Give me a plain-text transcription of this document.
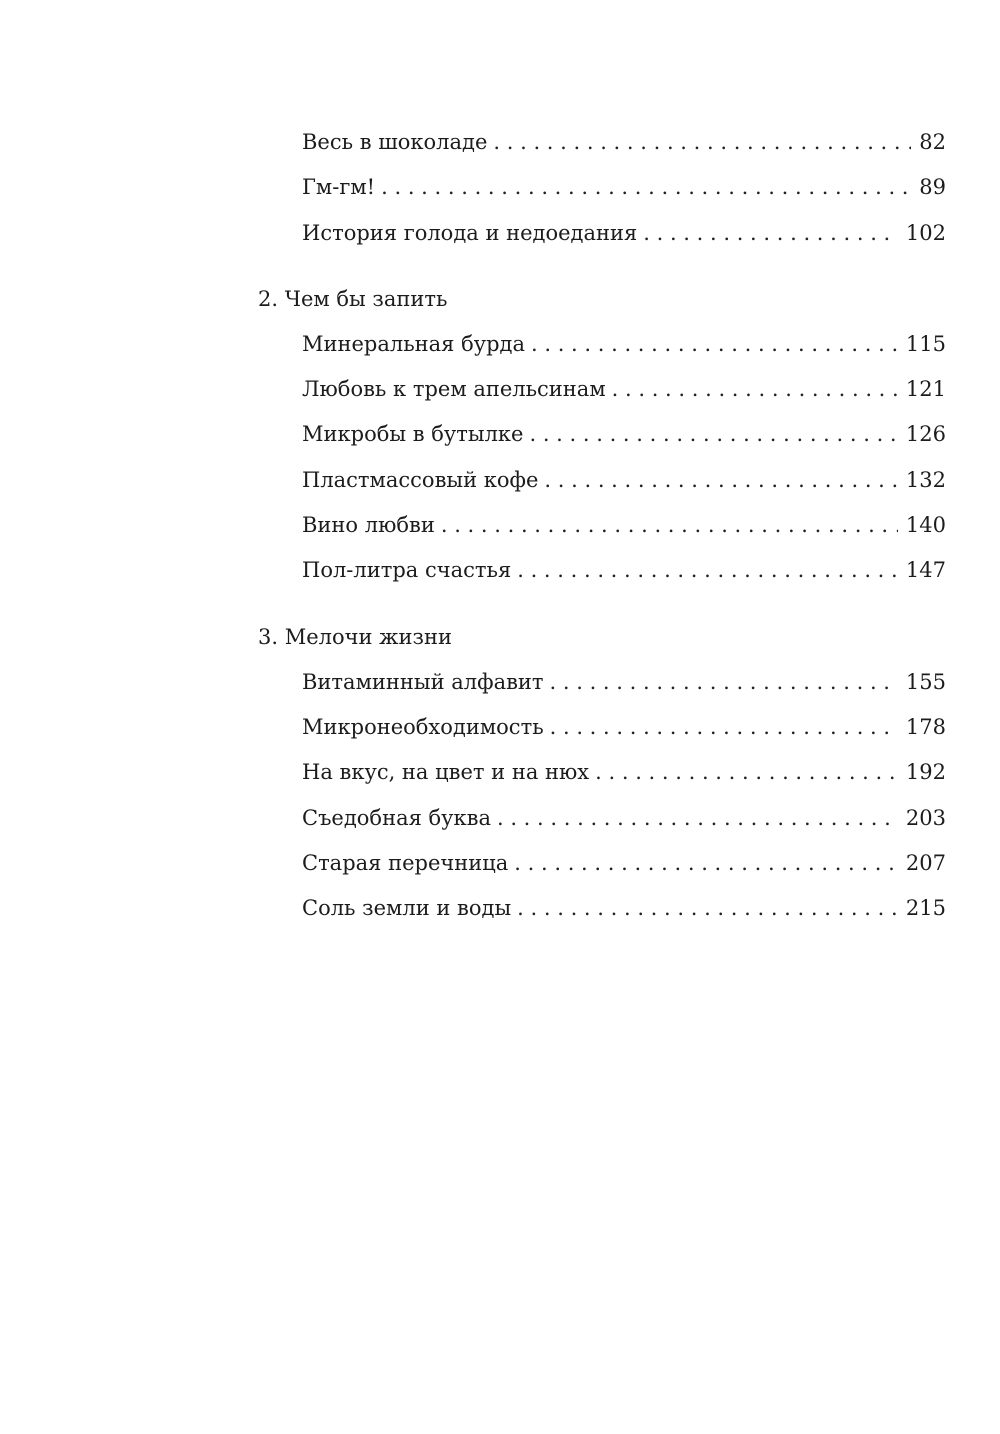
Весь в шоколаде . . .	82
Гм-гм! . . .	89
История голода и недоедания . . .	102
2. Чем бы запить
Минеральная бурда . . .	115
Любовь к трем апельсинам . . .	121
Микробы в бутылке . . .	126
Пластмассовый кофе . . .	132
Вино любви . . .	140
Пол-литра счастья . . .	147
3. Мелочи жизни
Витаминный алфавит . . .	155
Микронеобходимость . . .	178
На вкус, на цвет и на нюх . . .	192
Съедобная буква . . .	203
Старая перечница . . .	207
Соль земли и воды . . .	215
